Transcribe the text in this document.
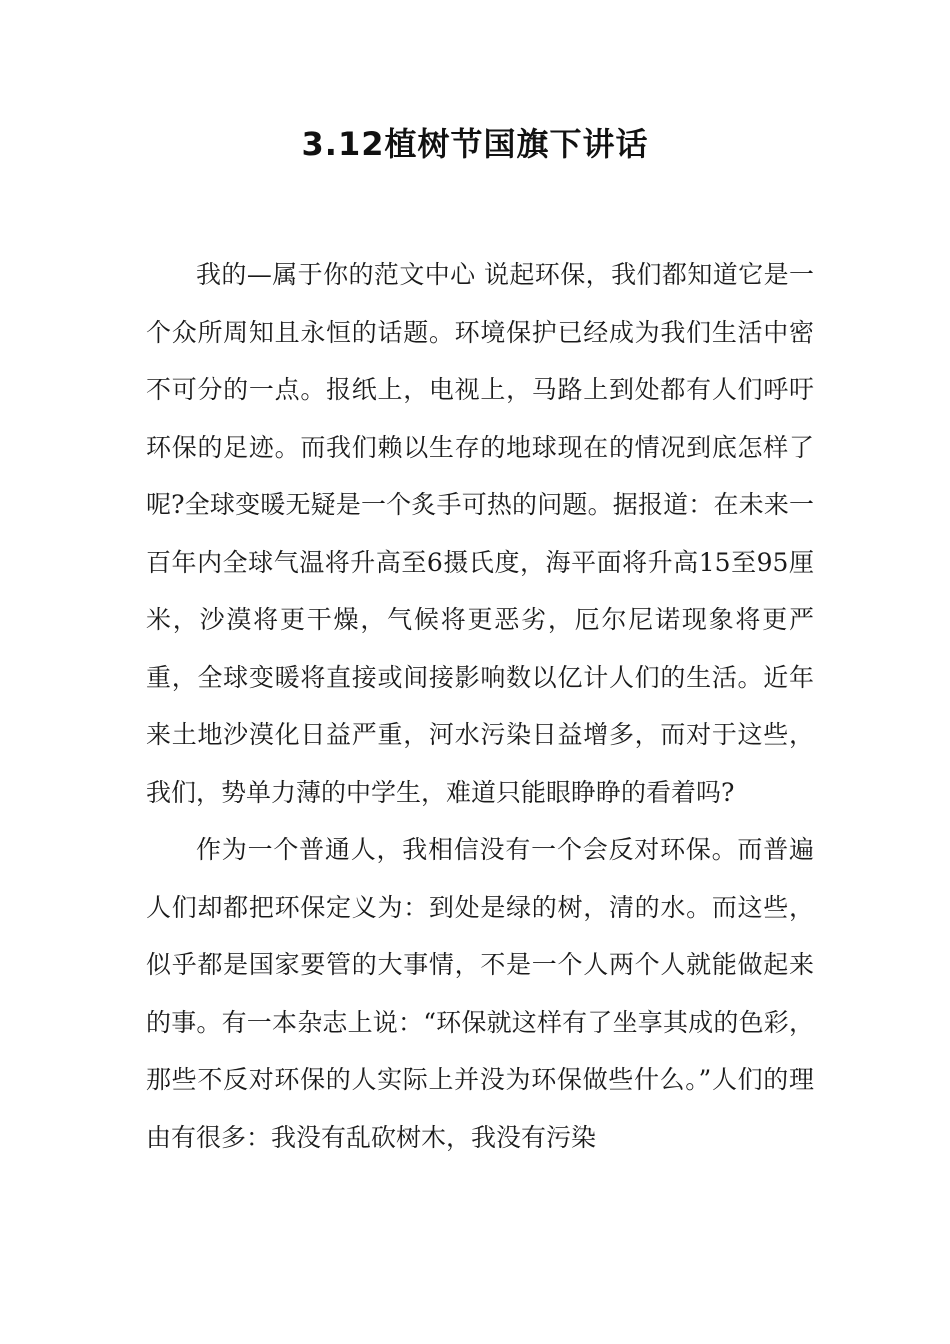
3.12植树节国旗下讲话

我的—属于你的范文中心 说起环保，我们都知道它是一个众所周知且永恒的话题。环境保护已经成为我们生活中密不可分的一点。报纸上，电视上，马路上到处都有人们呼吁环保的足迹。而我们赖以生存的地球现在的情况到底怎样了呢?全球变暖无疑是一个炙手可热的问题。据报道：在未来一百年内全球气温将升高至6摄氏度，海平面将升高15至95厘米，沙漠将更干燥，气候将更恶劣，厄尔尼诺现象将更严重，全球变暖将直接或间接影响数以亿计人们的生活。近年来土地沙漠化日益严重，河水污染日益增多，而对于这些，我们，势单力薄的中学生，难道只能眼睁睁的看着吗?

作为一个普通人，我相信没有一个会反对环保。而普遍人们却都把环保定义为：到处是绿的树，清的水。而这些，似乎都是国家要管的大事情，不是一个人两个人就能做起来的事。有一本杂志上说：“环保就这样有了坐享其成的色彩，那些不反对环保的人实际上并没为环保做些什么。”人们的理由有很多：我没有乱砍树木，我没有污染
